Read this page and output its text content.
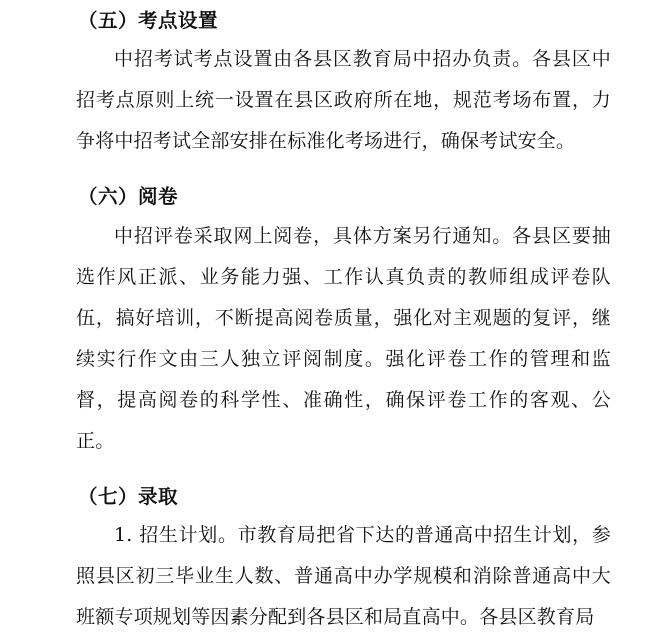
（五）考点设置

中招考试考点设置由各县区教育局中招办负责。各县区中招考点原则上统一设置在县区政府所在地，规范考场布置，力争将中招考试全部安排在标准化考场进行，确保考试安全。

（六）阅卷

中招评卷采取网上阅卷，具体方案另行通知。各县区要抽选作风正派、业务能力强、工作认真负责的教师组成评卷队伍，搞好培训，不断提高阅卷质量，强化对主观题的复评，继续实行作文由三人独立评阅制度。强化评卷工作的管理和监督，提高阅卷的科学性、准确性，确保评卷工作的客观、公正。

（七）录取

1. 招生计划。市教育局把省下达的普通高中招生计划，参照县区初三毕业生人数、普通高中办学规模和消除普通高中大班额专项规划等因素分配到各县区和局直高中。各县区教育局
